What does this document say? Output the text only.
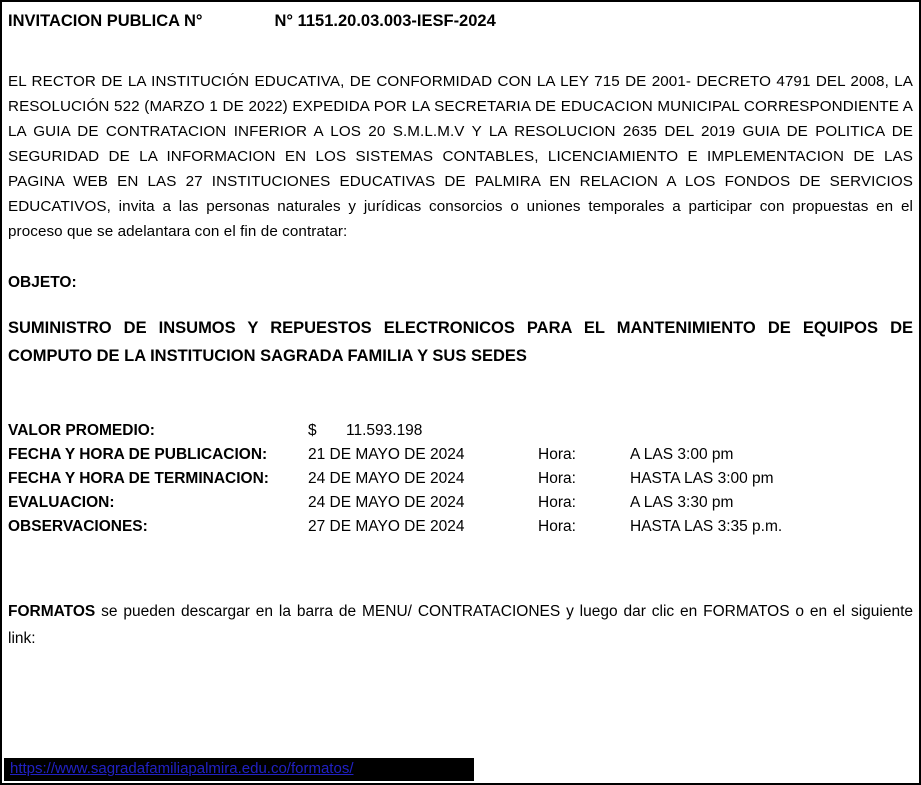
INVITACION PUBLICA N°	N° 1151.20.03.003-IESF-2024

EL RECTOR DE LA INSTITUCIÓN EDUCATIVA, DE CONFORMIDAD CON LA LEY 715 DE 2001- DECRETO 4791 DEL 2008, LA RESOLUCIÓN 522 (MARZO 1 DE 2022) EXPEDIDA POR LA SECRETARIA DE EDUCACION MUNICIPAL CORRESPONDIENTE A LA GUIA DE CONTRATACION INFERIOR A LOS 20 S.M.L.M.V Y LA RESOLUCION 2635 DEL 2019 GUIA DE POLITICA DE SEGURIDAD DE LA INFORMACION EN LOS SISTEMAS CONTABLES, LICENCIAMIENTO E IMPLEMENTACION DE LAS PAGINA WEB EN LAS 27 INSTITUCIONES EDUCATIVAS DE PALMIRA EN RELACION A LOS FONDOS DE SERVICIOS EDUCATIVOS, invita a las personas naturales y jurídicas consorcios o uniones temporales a participar con propuestas en el proceso que se adelantara con el fin de contratar:

OBJETO:
SUMINISTRO DE INSUMOS Y REPUESTOS ELECTRONICOS PARA EL MANTENIMIENTO DE EQUIPOS DE COMPUTO DE LA INSTITUCION SAGRADA FAMILIA Y SUS SEDES
VALOR PROMEDIO:	$ 11.593.198		
FECHA Y HORA DE PUBLICACION:	21 DE MAYO DE 2024	Hora:	A LAS 3:00 pm
FECHA Y HORA DE TERMINACION:	24 DE MAYO DE 2024	Hora:	HASTA LAS 3:00 pm
EVALUACION:	24 DE MAYO DE 2024	Hora:	A LAS 3:30 pm
OBSERVACIONES:	27 DE MAYO DE 2024	Hora:	HASTA LAS 3:35 p.m.

FORMATOS se pueden descargar en la barra de MENU/ CONTRATACIONES y luego dar clic en FORMATOS o en el siguiente link:

https://www.sagradafamiliapalmira.edu.co/formatos/
